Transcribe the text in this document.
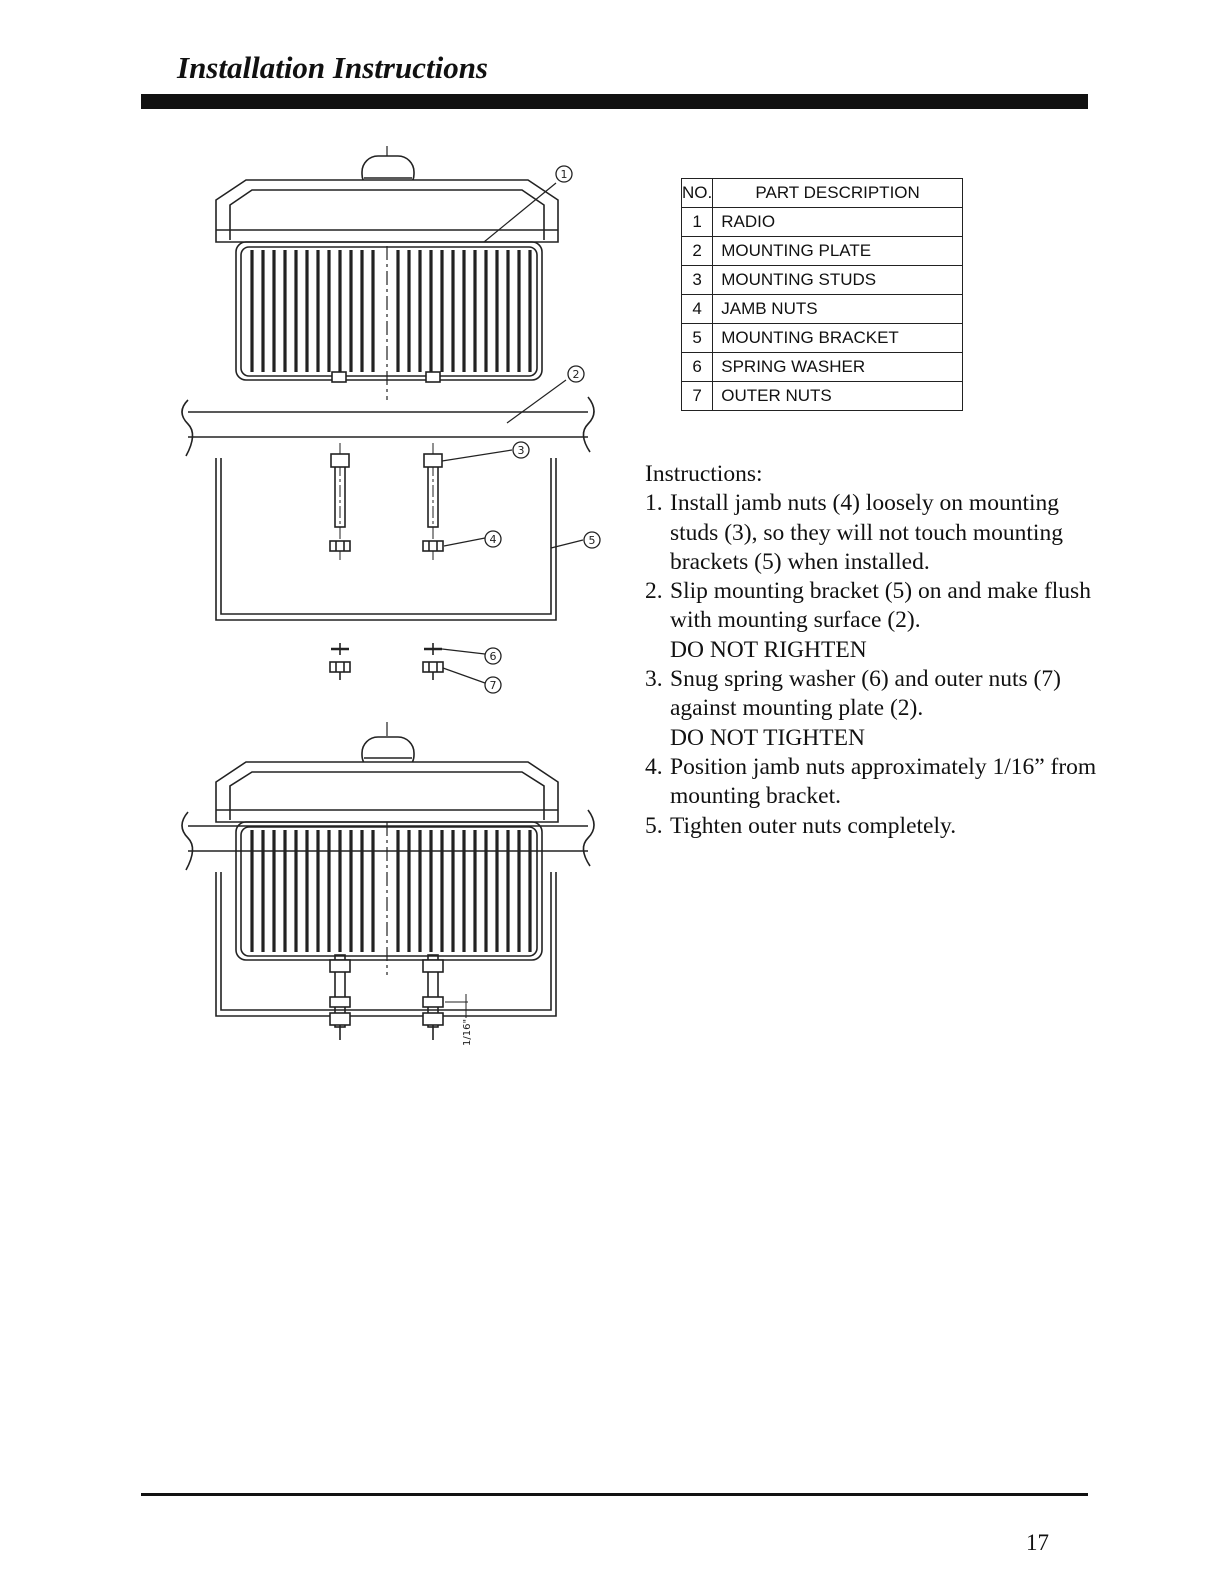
Installation Instructions
1
2
3
4	5
6
7
1/16"
NO.	PART DESCRIPTION
1	RADIO
2	MOUNTING PLATE
3	MOUNTING STUDS
4	JAMB NUTS
5	MOUNTING BRACKET
6	SPRING WASHER
7	OUTER NUTS

Instructions:

1. Install jamb nuts (4) loosely on mounting studs (3), so they will not touch mounting brackets (5) when installed.
2. Slip mounting bracket (5) on and make flush with mounting surface (2).
DO NOT RIGHTEN
3. Snug spring washer (6) and outer nuts (7) against mounting plate (2).
DO NOT TIGHTEN
4. Position jamb nuts approximately 1/16” from mounting bracket.
5. Tighten outer nuts completely.
17
